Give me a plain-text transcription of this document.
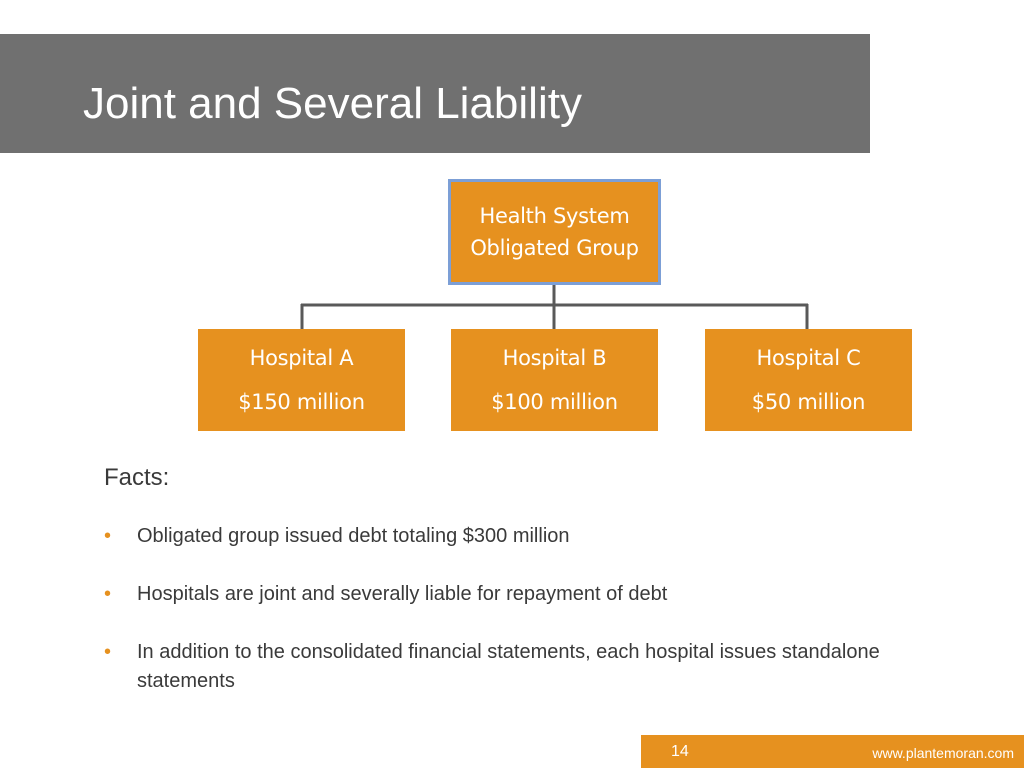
Joint and Several Liability
Health System
Obligated Group
Hospital A
$150 million
Hospital B
$100 million
Hospital C
$50 million
Facts:
• Obligated group issued debt totaling $300 million
• Hospitals are joint and severally liable for repayment of debt
• In addition to the consolidated financial statements, each hospital issues standalone statements
14	www.plantemoran.com
